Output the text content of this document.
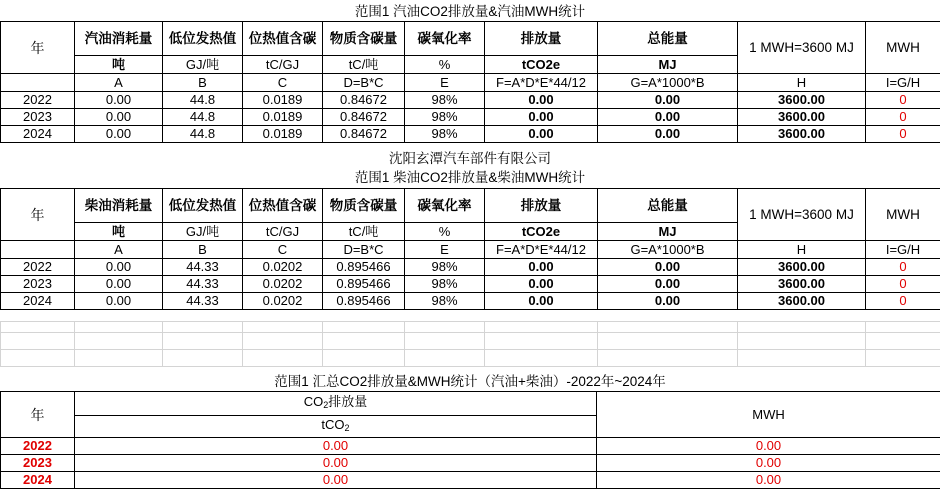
范围1 汽油CO2排放量&汽油MWH统计
年	汽油消耗量	低位发热值	位热值含碳	物质含碳量	碳氧化率	排放量	总能量	1 MWH=3600 MJ	MWH
	吨	GJ/吨	tC/GJ	tC/吨	%	tCO2e	MJ		
	A	B	C	D=B*C	E	F=A*D*E*44/12	G=A*1000*B	H	I=G/H
2022	0.00	44.8	0.0189	0.84672	98%	0.00	0.00	3600.00	0
2023	0.00	44.8	0.0189	0.84672	98%	0.00	0.00	3600.00	0
2024	0.00	44.8	0.0189	0.84672	98%	0.00	0.00	3600.00	0
沈阳玄潭汽车部件有限公司
范围1 柴油CO2排放量&柴油MWH统计
年	柴油消耗量	低位发热值	位热值含碳	物质含碳量	碳氧化率	排放量	总能量	1 MWH=3600 MJ	MWH
	吨	GJ/吨	tC/GJ	tC/吨	%	tCO2e	MJ		
	A	B	C	D=B*C	E	F=A*D*E*44/12	G=A*1000*B	H	I=G/H
2022	0.00	44.33	0.0202	0.895466	98%	0.00	0.00	3600.00	0
2023	0.00	44.33	0.0202	0.895466	98%	0.00	0.00	3600.00	0
2024	0.00	44.33	0.0202	0.895466	98%	0.00	0.00	3600.00	0

范围1 汇总CO2排放量&MWH统计（汽油+柴油）-2022年~2024年
年	$CO_2$排放量	MWH
	tCO$_2$
2022	0.00	0.00
2023	0.00	0.00
2024	0.00	0.00
